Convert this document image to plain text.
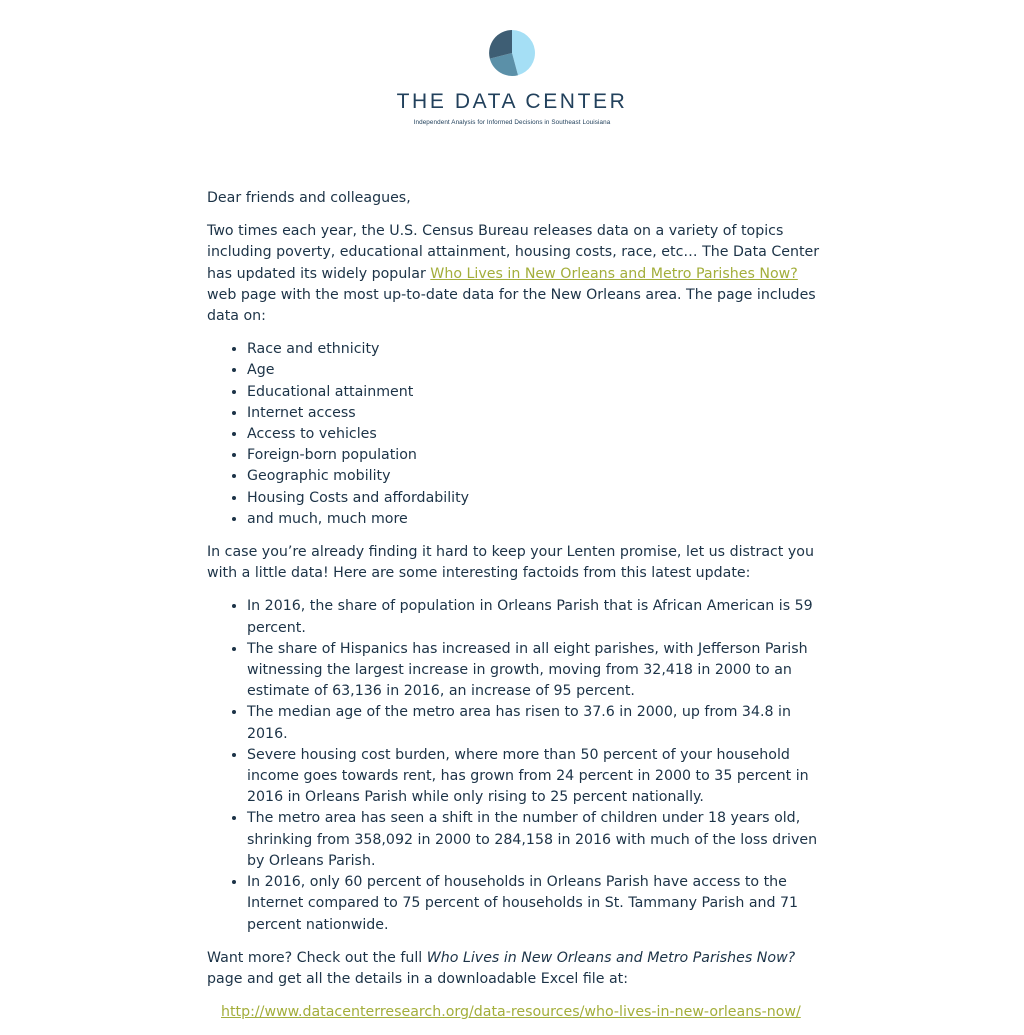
THE DATA CENTER
Independent Analysis for Informed Decisions in Southeast Louisiana

Dear friends and colleagues,

Two times each year, the U.S. Census Bureau releases data on a variety of topics including poverty, educational attainment, housing costs, race, etc… The Data Center has updated its widely popular Who Lives in New Orleans and Metro Parishes Now? web page with the most up-to-date data for the New Orleans area. The page includes data on:

• Race and ethnicity
• Age
• Educational attainment
• Internet access
• Access to vehicles
• Foreign-born population
• Geographic mobility
• Housing Costs and affordability
• and much, much more

In case you’re already finding it hard to keep your Lenten promise, let us distract you with a little data! Here are some interesting factoids from this latest update:

• In 2016, the share of population in Orleans Parish that is African American is 59 percent.
• The share of Hispanics has increased in all eight parishes, with Jefferson Parish witnessing the largest increase in growth, moving from 32,418 in 2000 to an estimate of 63,136 in 2016, an increase of 95 percent.
• The median age of the metro area has risen to 37.6 in 2000, up from 34.8 in 2016.
• Severe housing cost burden, where more than 50 percent of your household income goes towards rent, has grown from 24 percent in 2000 to 35 percent in 2016 in Orleans Parish while only rising to 25 percent nationally.
• The metro area has seen a shift in the number of children under 18 years old, shrinking from 358,092 in 2000 to 284,158 in 2016 with much of the loss driven by Orleans Parish.
• In 2016, only 60 percent of households in Orleans Parish have access to the Internet compared to 75 percent of households in St. Tammany Parish and 71 percent nationwide.

Want more? Check out the full Who Lives in New Orleans and Metro Parishes Now? page and get all the details in a downloadable Excel file at:

http://www.datacenterresearch.org/data-resources/who-lives-in-new-orleans-now/
